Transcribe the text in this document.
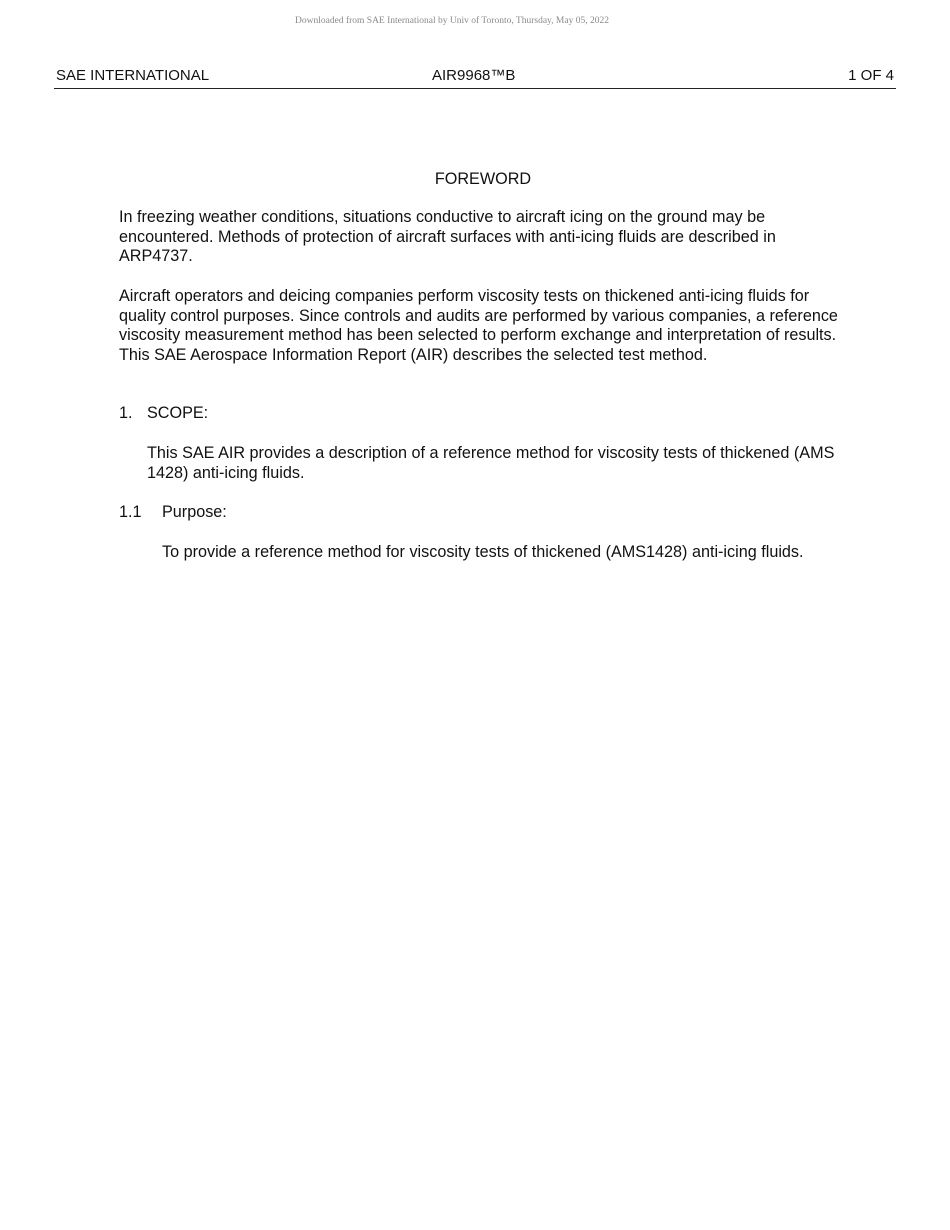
Downloaded from SAE International by Univ of Toronto, Thursday, May 05, 2022
SAE INTERNATIONAL	AIR9968™B	1 OF 4
FOREWORD
In freezing weather conditions, situations conductive to aircraft icing on the ground may be encountered. Methods of protection of aircraft surfaces with anti-icing fluids are described in ARP4737.
Aircraft operators and deicing companies perform viscosity tests on thickened anti-icing fluids for quality control purposes. Since controls and audits are performed by various companies, a reference viscosity measurement method has been selected to perform exchange and interpretation of results. This SAE Aerospace Information Report (AIR) describes the selected test method.
1. SCOPE:
This SAE AIR provides a description of a reference method for viscosity tests of thickened (AMS 1428) anti-icing fluids.
1.1 Purpose:
To provide a reference method for viscosity tests of thickened (AMS1428) anti-icing fluids.
